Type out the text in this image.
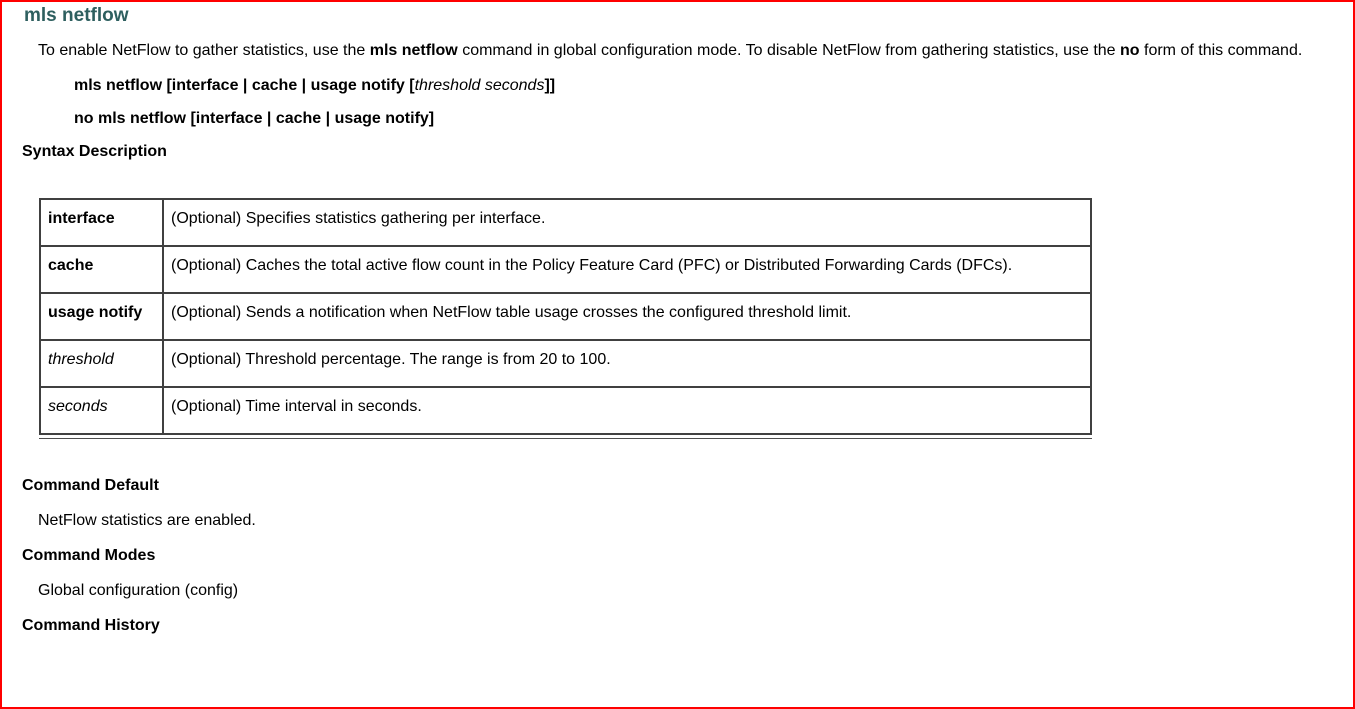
mls netflow
To enable NetFlow to gather statistics, use the mls netflow command in global configuration mode. To disable NetFlow from gathering statistics, use the no form of this command.
mls netflow [interface | cache | usage notify [threshold seconds]]
no mls netflow [interface | cache | usage notify]
Syntax Description
interface	(Optional) Specifies statistics gathering per interface.
cache	(Optional) Caches the total active flow count in the Policy Feature Card (PFC) or Distributed Forwarding Cards (DFCs).
usage notify	(Optional) Sends a notification when NetFlow table usage crosses the configured threshold limit.
threshold	(Optional) Threshold percentage. The range is from 20 to 100.
seconds	(Optional) Time interval in seconds.
Command Default
NetFlow statistics are enabled.
Command Modes
Global configuration (config)
Command History
